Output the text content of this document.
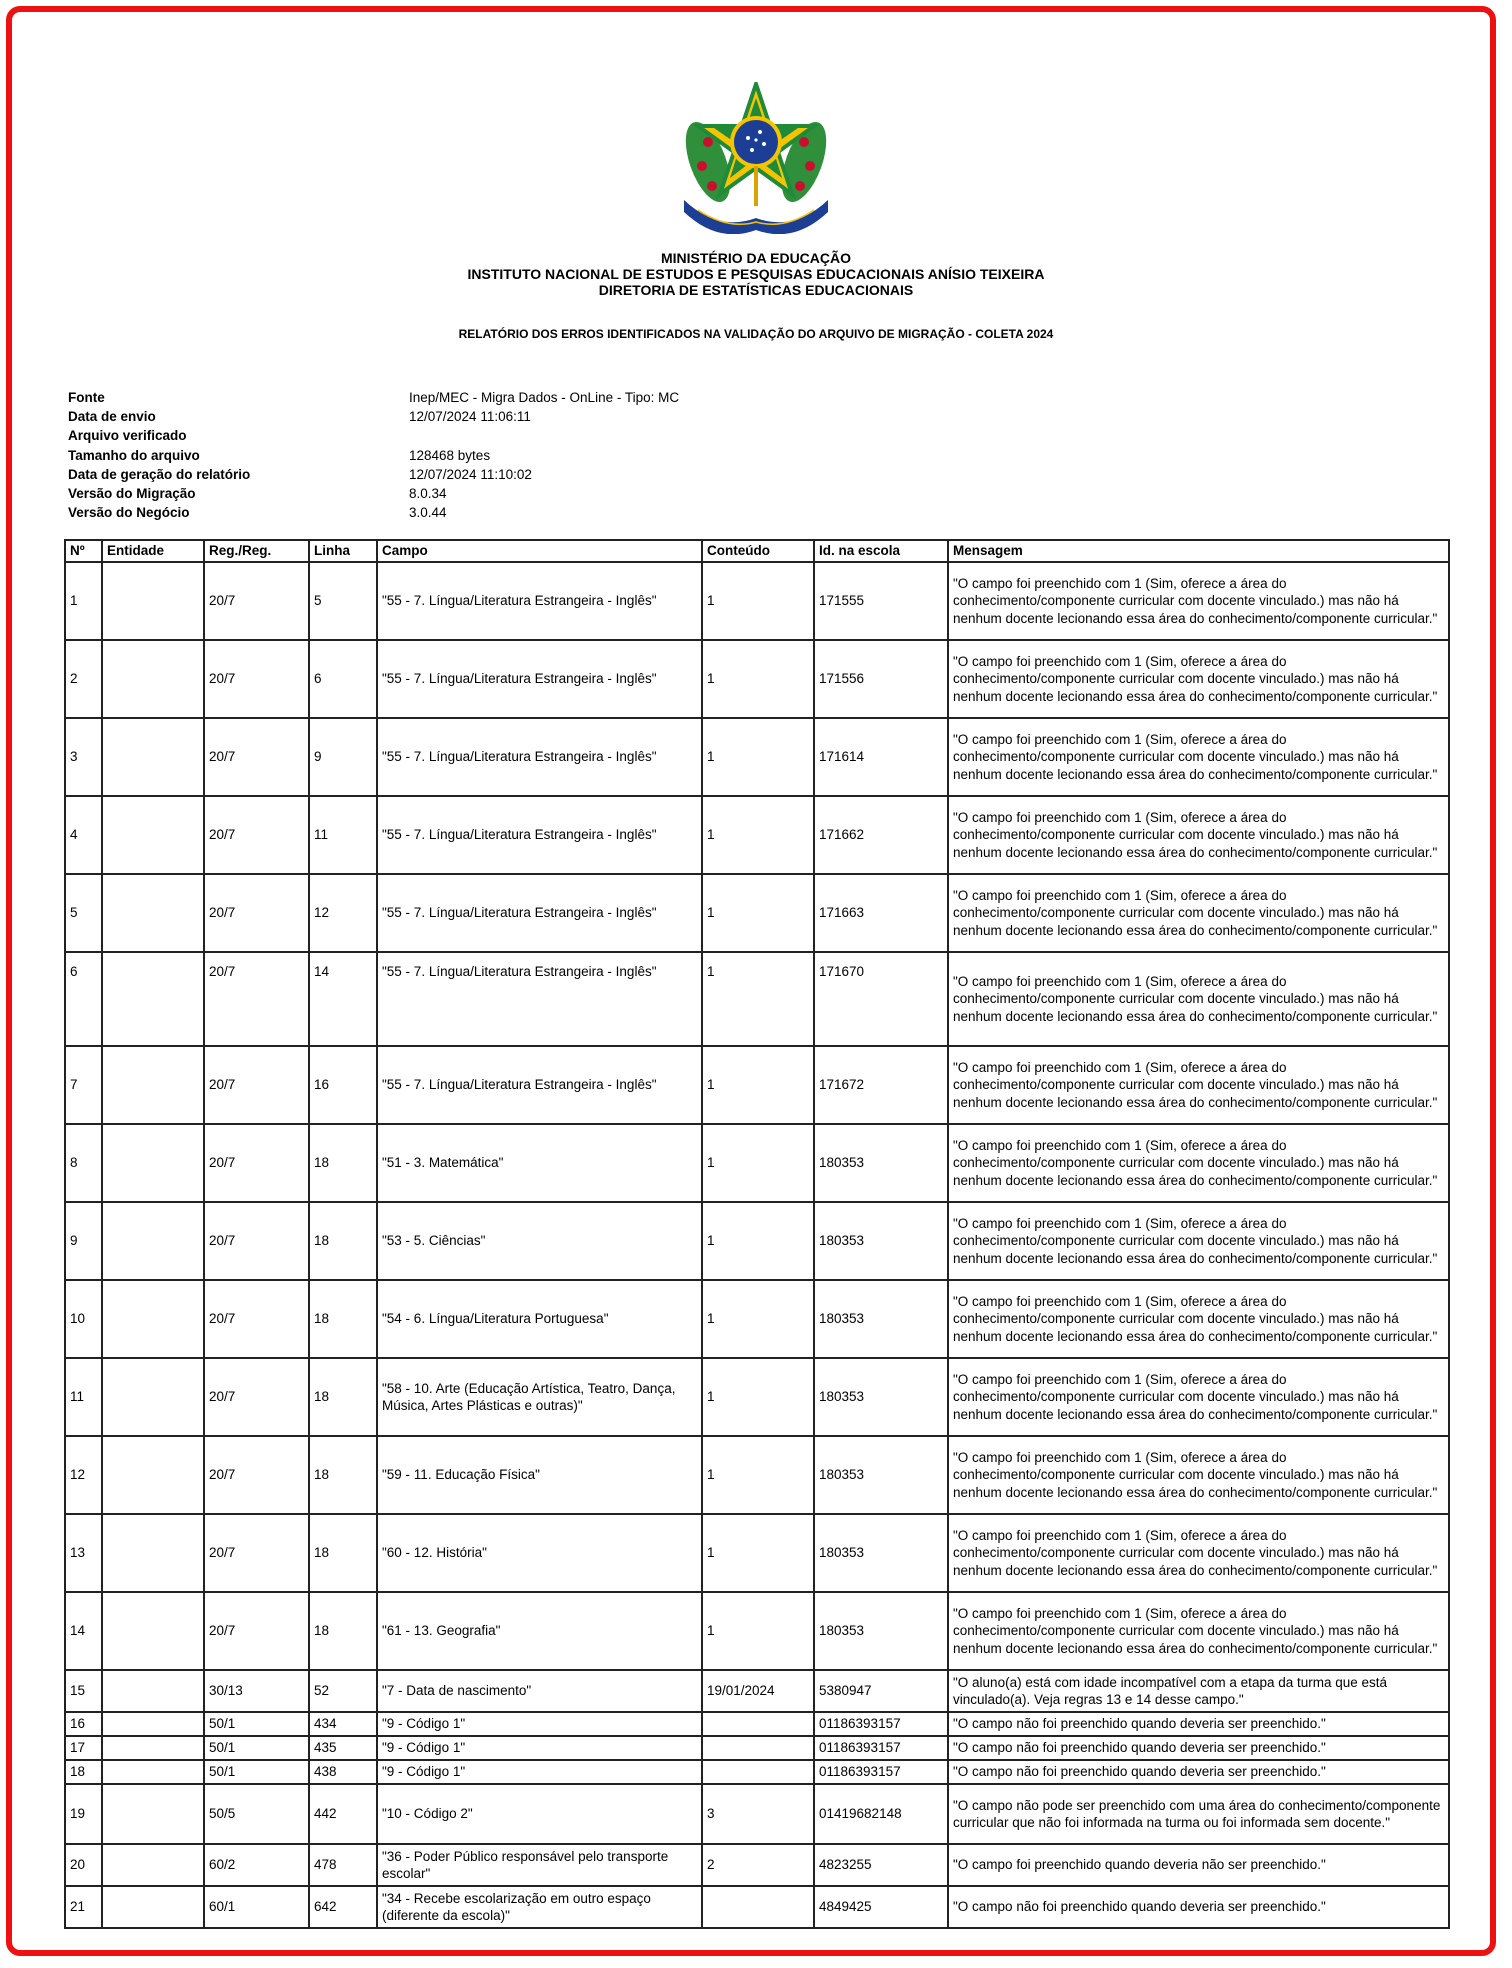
MINISTÉRIO DA EDUCAÇÃO
INSTITUTO NACIONAL DE ESTUDOS E PESQUISAS EDUCACIONAIS ANÍSIO TEIXEIRA
DIRETORIA DE ESTATÍSTICAS EDUCACIONAIS
RELATÓRIO DOS ERROS IDENTIFICADOS NA VALIDAÇÃO DO ARQUIVO DE MIGRAÇÃO - COLETA 2024
Fonte	Inep/MEC - Migra Dados - OnLine - Tipo: MC
Data de envio	12/07/2024 11:06:11
Arquivo verificado
Tamanho do arquivo	128468 bytes
Data de geração do relatório	12/07/2024 11:10:02
Versão do Migração	8.0.34
Versão do Negócio	3.0.44
Nº	Entidade	Reg./Reg.	Linha	Campo	Conteúdo	Id. na escola	Mensagem
1		20/7	5	"55 - 7. Língua/Literatura Estrangeira - Inglês"	1	171555	"O campo foi preenchido com 1 (Sim, oferece a área do conhecimento/componente curricular com docente vinculado.) mas não há nenhum docente lecionando essa área do conhecimento/componente curricular."
2		20/7	6	"55 - 7. Língua/Literatura Estrangeira - Inglês"	1	171556	"O campo foi preenchido com 1 (Sim, oferece a área do conhecimento/componente curricular com docente vinculado.) mas não há nenhum docente lecionando essa área do conhecimento/componente curricular."
3		20/7	9	"55 - 7. Língua/Literatura Estrangeira - Inglês"	1	171614	"O campo foi preenchido com 1 (Sim, oferece a área do conhecimento/componente curricular com docente vinculado.) mas não há nenhum docente lecionando essa área do conhecimento/componente curricular."
4		20/7	11	"55 - 7. Língua/Literatura Estrangeira - Inglês"	1	171662	"O campo foi preenchido com 1 (Sim, oferece a área do conhecimento/componente curricular com docente vinculado.) mas não há nenhum docente lecionando essa área do conhecimento/componente curricular."
5		20/7	12	"55 - 7. Língua/Literatura Estrangeira - Inglês"	1	171663	"O campo foi preenchido com 1 (Sim, oferece a área do conhecimento/componente curricular com docente vinculado.) mas não há nenhum docente lecionando essa área do conhecimento/componente curricular."
6		20/7	14	"55 - 7. Língua/Literatura Estrangeira - Inglês"	1	171670	"O campo foi preenchido com 1 (Sim, oferece a área do conhecimento/componente curricular com docente vinculado.) mas não há nenhum docente lecionando essa área do conhecimento/componente curricular."
7		20/7	16	"55 - 7. Língua/Literatura Estrangeira - Inglês"	1	171672	"O campo foi preenchido com 1 (Sim, oferece a área do conhecimento/componente curricular com docente vinculado.) mas não há nenhum docente lecionando essa área do conhecimento/componente curricular."
8		20/7	18	"51 - 3. Matemática"	1	180353	"O campo foi preenchido com 1 (Sim, oferece a área do conhecimento/componente curricular com docente vinculado.) mas não há nenhum docente lecionando essa área do conhecimento/componente curricular."
9		20/7	18	"53 - 5. Ciências"	1	180353	"O campo foi preenchido com 1 (Sim, oferece a área do conhecimento/componente curricular com docente vinculado.) mas não há nenhum docente lecionando essa área do conhecimento/componente curricular."
10		20/7	18	"54 - 6. Língua/Literatura Portuguesa"	1	180353	"O campo foi preenchido com 1 (Sim, oferece a área do conhecimento/componente curricular com docente vinculado.) mas não há nenhum docente lecionando essa área do conhecimento/componente curricular."
11		20/7	18	"58 - 10. Arte (Educação Artística, Teatro, Dança, Música, Artes Plásticas e outras)"	1	180353	"O campo foi preenchido com 1 (Sim, oferece a área do conhecimento/componente curricular com docente vinculado.) mas não há nenhum docente lecionando essa área do conhecimento/componente curricular."
12		20/7	18	"59 - 11. Educação Física"	1	180353	"O campo foi preenchido com 1 (Sim, oferece a área do conhecimento/componente curricular com docente vinculado.) mas não há nenhum docente lecionando essa área do conhecimento/componente curricular."
13		20/7	18	"60 - 12. História"	1	180353	"O campo foi preenchido com 1 (Sim, oferece a área do conhecimento/componente curricular com docente vinculado.) mas não há nenhum docente lecionando essa área do conhecimento/componente curricular."
14		20/7	18	"61 - 13. Geografia"	1	180353	"O campo foi preenchido com 1 (Sim, oferece a área do conhecimento/componente curricular com docente vinculado.) mas não há nenhum docente lecionando essa área do conhecimento/componente curricular."
15		30/13	52	"7 - Data de nascimento"	19/01/2024	5380947	"O aluno(a) está com idade incompatível com a etapa da turma que está vinculado(a). Veja regras 13 e 14 desse campo."
16		50/1	434	"9 - Código 1"		01186393157	"O campo não foi preenchido quando deveria ser preenchido."
17		50/1	435	"9 - Código 1"		01186393157	"O campo não foi preenchido quando deveria ser preenchido."
18		50/1	438	"9 - Código 1"		01186393157	"O campo não foi preenchido quando deveria ser preenchido."
19		50/5	442	"10 - Código 2"	3	01419682148	"O campo não pode ser preenchido com uma área do conhecimento/componente curricular que não foi informada na turma ou foi informada sem docente."
20		60/2	478	"36 - Poder Público responsável pelo transporte escolar"	2	4823255	"O campo foi preenchido quando deveria não ser preenchido."
21		60/1	642	"34 - Recebe escolarização em outro espaço (diferente da escola)"		4849425	"O campo não foi preenchido quando deveria ser preenchido."
